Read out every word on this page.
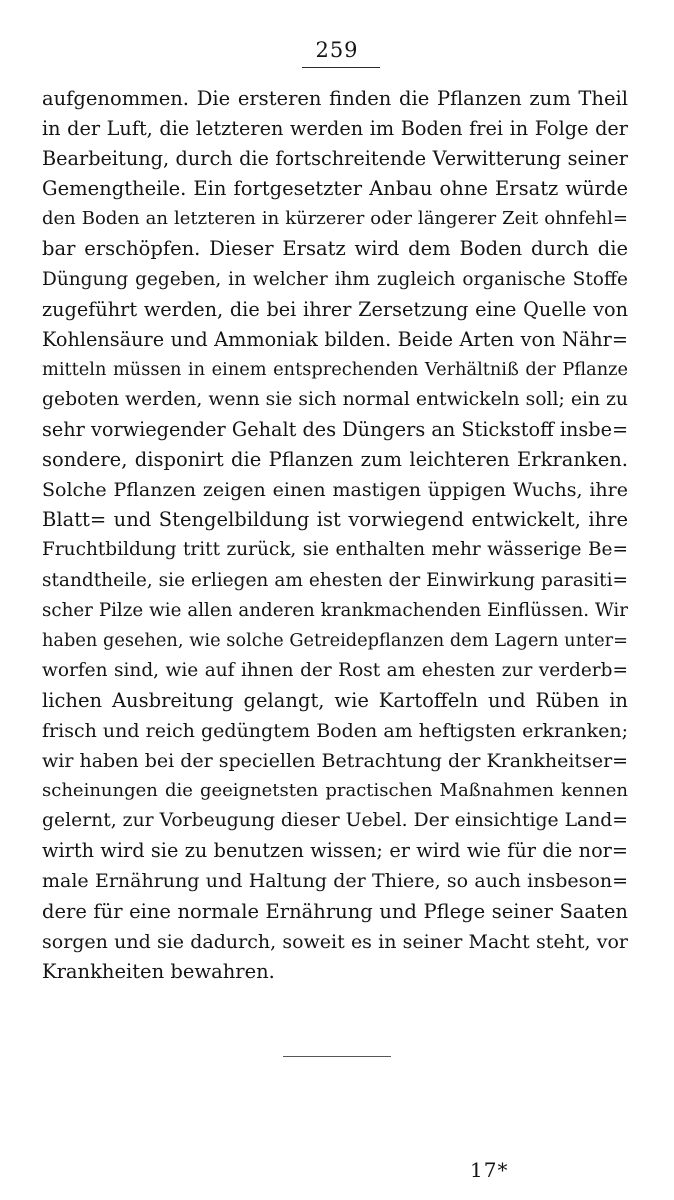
259
aufgenommen. Die ersteren finden die Pflanzen zum Theil
in der Luft, die letzteren werden im Boden frei in Folge der
Bearbeitung, durch die fortschreitende Verwitterung seiner
Gemengtheile. Ein fortgesetzter Anbau ohne Ersatz würde
den Boden an letzteren in kürzerer oder längerer Zeit ohnfehl=
bar erschöpfen. Dieser Ersatz wird dem Boden durch die
Düngung gegeben, in welcher ihm zugleich organische Stoffe
zugeführt werden, die bei ihrer Zersetzung eine Quelle von
Kohlensäure und Ammoniak bilden. Beide Arten von Nähr=
mitteln müssen in einem entsprechenden Verhältniß der Pflanze
geboten werden, wenn sie sich normal entwickeln soll; ein zu
sehr vorwiegender Gehalt des Düngers an Stickstoff insbe=
sondere, disponirt die Pflanzen zum leichteren Erkranken.
Solche Pflanzen zeigen einen mastigen üppigen Wuchs, ihre
Blatt= und Stengelbildung ist vorwiegend entwickelt, ihre
Fruchtbildung tritt zurück, sie enthalten mehr wässerige Be=
standtheile, sie erliegen am ehesten der Einwirkung parasiti=
scher Pilze wie allen anderen krankmachenden Einflüssen. Wir
haben gesehen, wie solche Getreidepflanzen dem Lagern unter=
worfen sind, wie auf ihnen der Rost am ehesten zur verderb=
lichen Ausbreitung gelangt, wie Kartoffeln und Rüben in
frisch und reich gedüngtem Boden am heftigsten erkranken;
wir haben bei der speciellen Betrachtung der Krankheitser=
scheinungen die geeignetsten practischen Maßnahmen kennen
gelernt, zur Vorbeugung dieser Uebel. Der einsichtige Land=
wirth wird sie zu benutzen wissen; er wird wie für die nor=
male Ernährung und Haltung der Thiere, so auch insbeson=
dere für eine normale Ernährung und Pflege seiner Saaten
sorgen und sie dadurch, soweit es in seiner Macht steht, vor
Krankheiten bewahren.
17*
